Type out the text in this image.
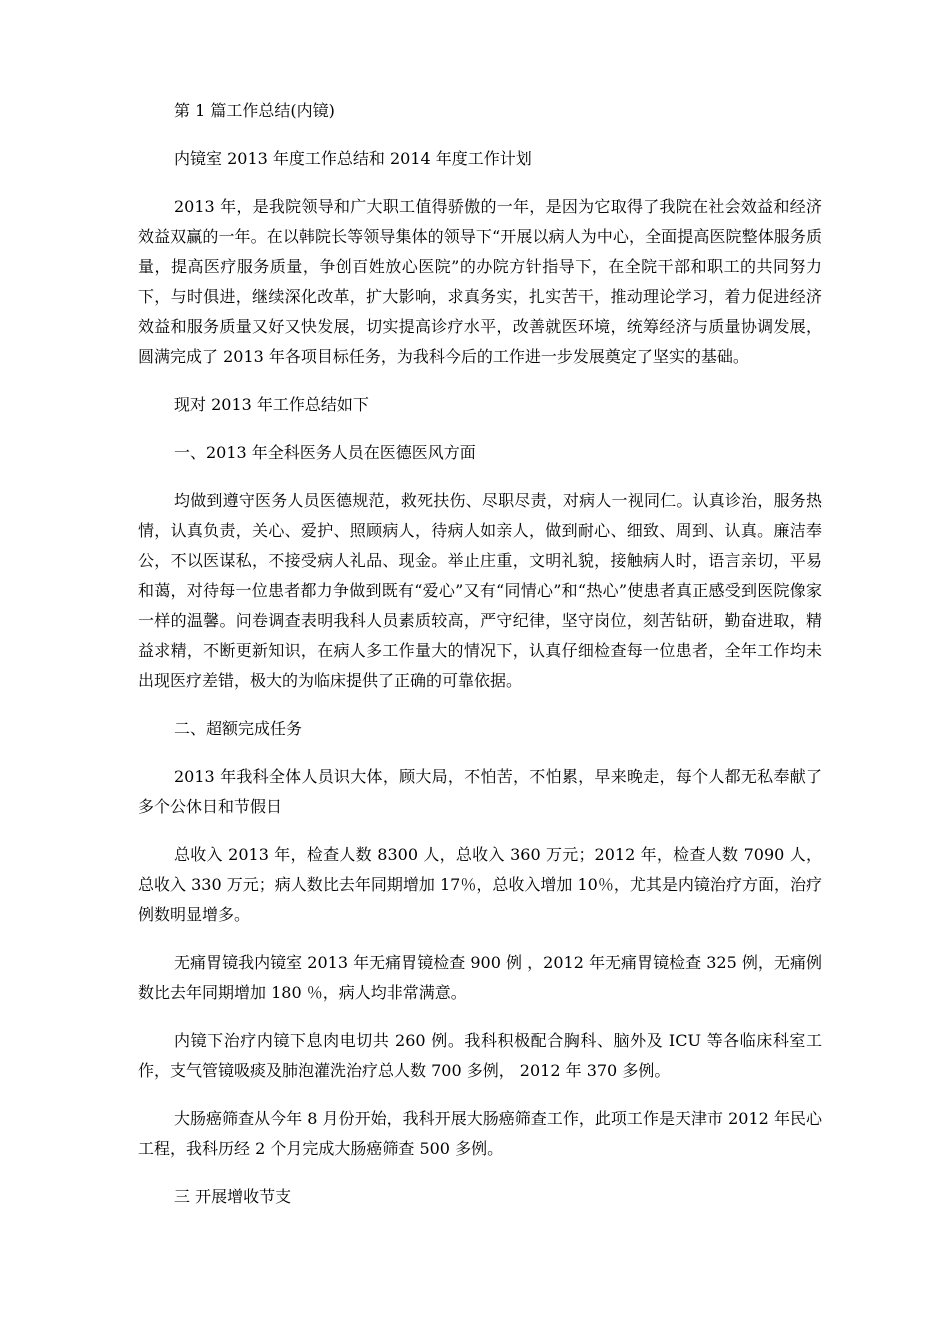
第 1 篇工作总结(内镜)

内镜室 2013 年度工作总结和 2014 年度工作计划

2013 年，是我院领导和广大职工值得骄傲的一年，是因为它取得了我院在社会效益和经济效益双赢的一年。在以韩院长等领导集体的领导下“开展以病人为中心，全面提高医院整体服务质量，提高医疗服务质量，争创百姓放心医院”的办院方针指导下，在全院干部和职工的共同努力下，与时俱进，继续深化改革，扩大影响，求真务实，扎实苦干，推动理论学习，着力促进经济效益和服务质量又好又快发展，切实提高诊疗水平，改善就医环境，统筹经济与质量协调发展，圆满完成了 2013 年各项目标任务，为我科今后的工作进一步发展奠定了坚实的基础。

现对 2013 年工作总结如下

一、2013 年全科医务人员在医德医风方面

均做到遵守医务人员医德规范，救死扶伤、尽职尽责，对病人一视同仁。认真诊治，服务热情，认真负责，关心、爱护、照顾病人，待病人如亲人，做到耐心、细致、周到、认真。廉洁奉公，不以医谋私，不接受病人礼品、现金。举止庄重，文明礼貌，接触病人时，语言亲切，平易和蔼，对待每一位患者都力争做到既有“爱心”又有“同情心”和“热心”使患者真正感受到医院像家一样的温馨。问卷调查表明我科人员素质较高，严守纪律，坚守岗位，刻苦钻研，勤奋进取，精益求精，不断更新知识，在病人多工作量大的情况下，认真仔细检查每一位患者，全年工作均未出现医疗差错，极大的为临床提供了正确的可靠依据。

二、超额完成任务

2013 年我科全体人员识大体，顾大局，不怕苦，不怕累，早来晚走，每个人都无私奉献了多个公休日和节假日

总收入 2013 年，检查人数 8300 人，总收入 360 万元；2012 年，检查人数 7090 人，总收入 330 万元；病人数比去年同期增加 17％，总收入增加 10％，尤其是内镜治疗方面，治疗例数明显增多。

无痛胃镜我内镜室 2013 年无痛胃镜检查 900 例 ，2012 年无痛胃镜检查 325 例，无痛例数比去年同期增加 180 ％，病人均非常满意。

内镜下治疗内镜下息肉电切共 260 例。我科积极配合胸科、脑外及 ICU 等各临床科室工作，支气管镜吸痰及肺泡灌洗治疗总人数 700 多例， 2012 年 370 多例。

大肠癌筛查从今年 8 月份开始，我科开展大肠癌筛查工作，此项工作是天津市 2012 年民心工程，我科历经 2 个月完成大肠癌筛查 500 多例。

三 开展增收节支
